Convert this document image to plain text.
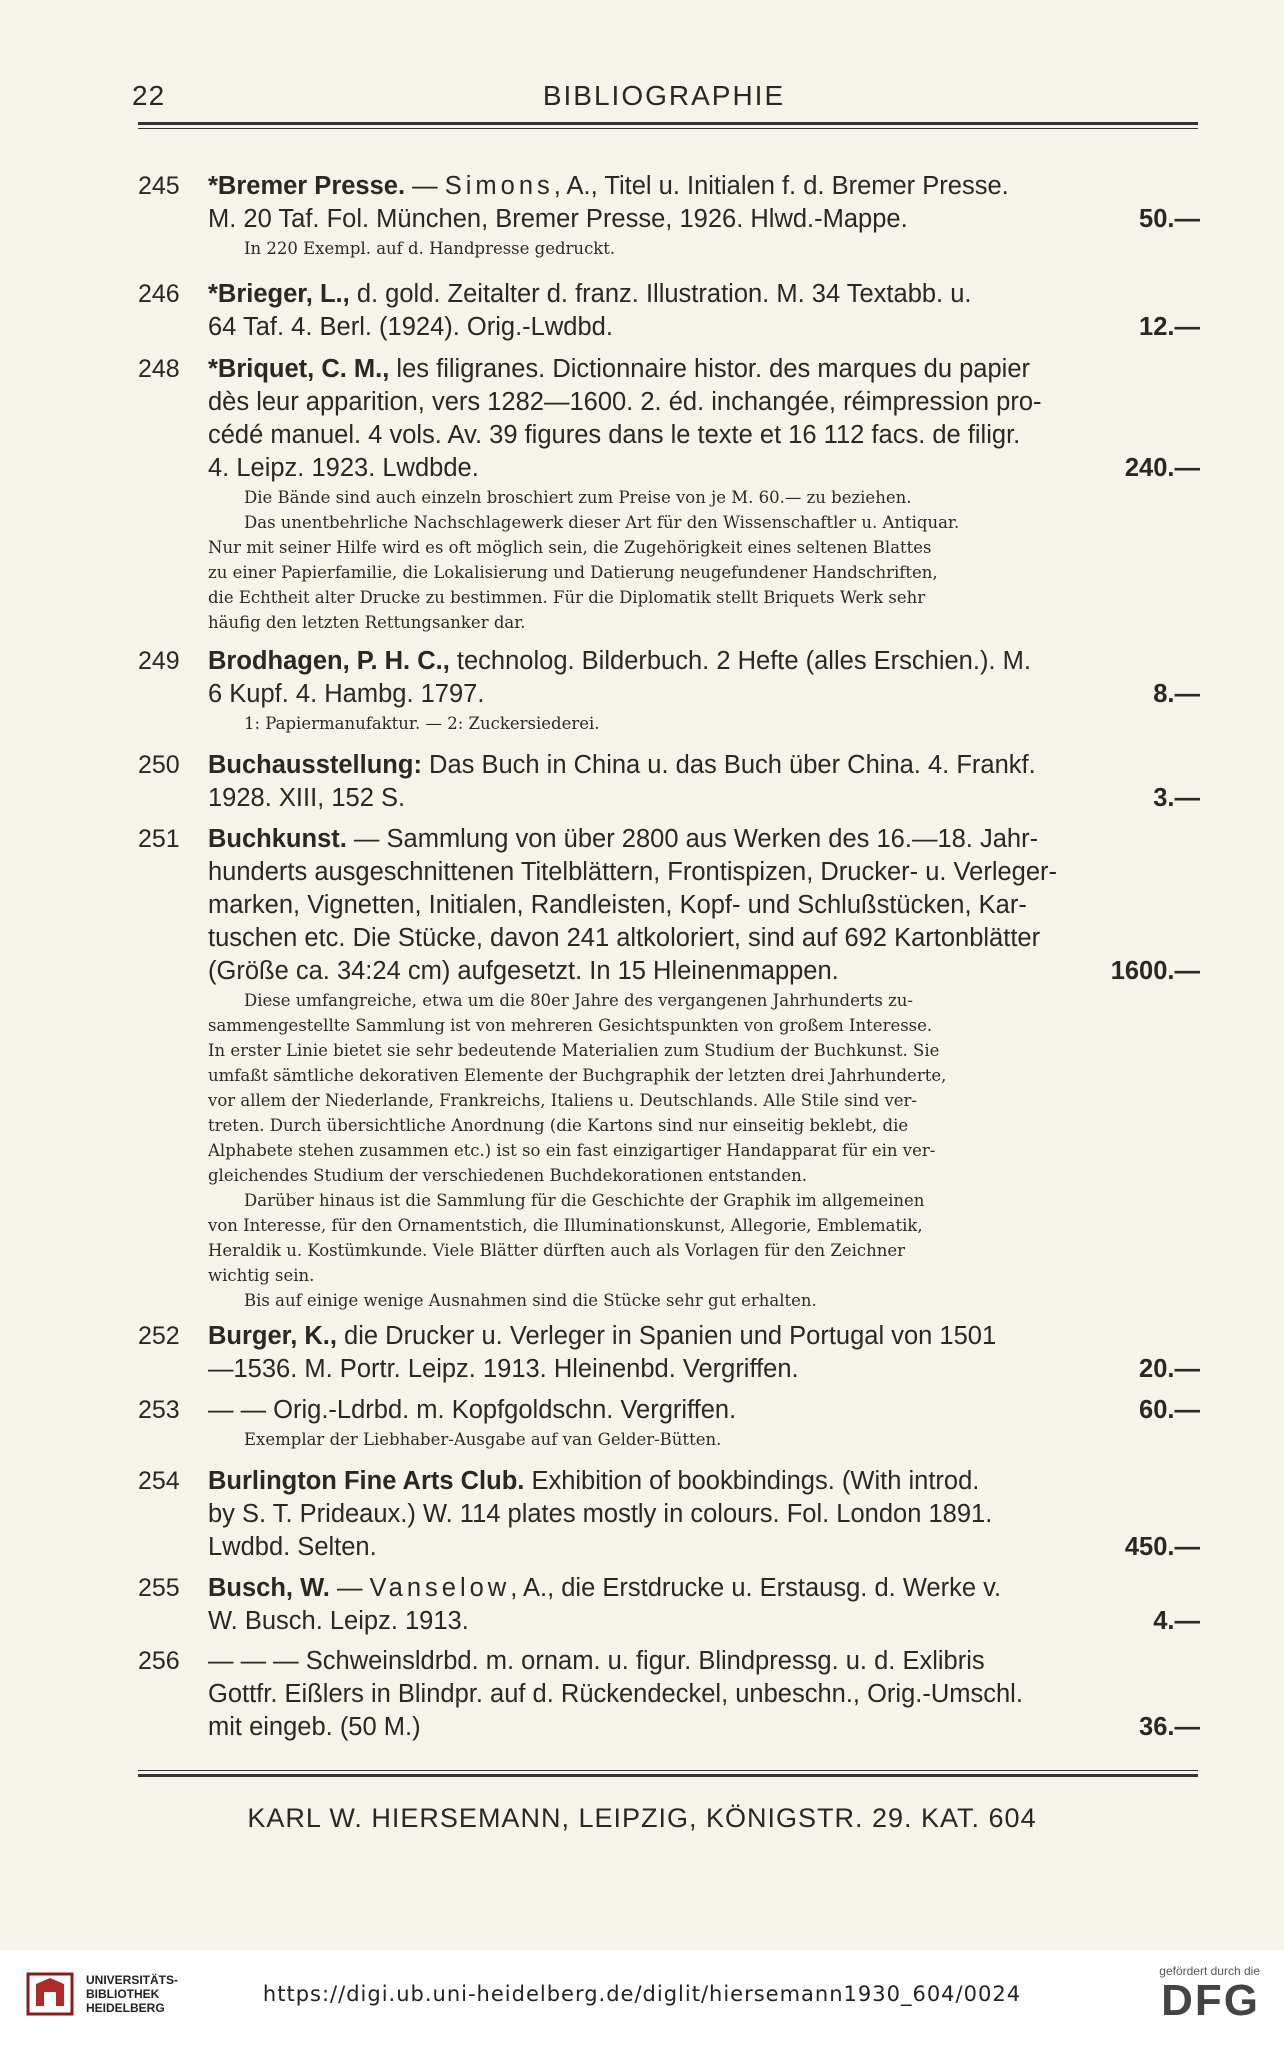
22	BIBLIOGRAPHIE
245	*Bremer Presse. — Simons, A., Titel u. Initialen f. d. Bremer Presse.
M. 20 Taf. Fol. München, Bremer Presse, 1926. Hlwd.-Mappe.	50.—
In 220 Exempl. auf d. Handpresse gedruckt.
246	*Brieger, L., d. gold. Zeitalter d. franz. Illustration. M. 34 Textabb. u.
64 Taf. 4. Berl. (1924). Orig.-Lwdbd.	12.—
248	*Briquet, C. M., les filigranes. Dictionnaire histor. des marques du papier
dès leur apparition, vers 1282—1600. 2. éd. inchangée, réimpression pro-
cédé manuel. 4 vols. Av. 39 figures dans le texte et 16 112 facs. de filigr.
4. Leipz. 1923. Lwdbde.	240.—
Die Bände sind auch einzeln broschiert zum Preise von je M. 60.— zu beziehen.
Das unentbehrliche Nachschlagewerk dieser Art für den Wissenschaftler u. Antiquar.
Nur mit seiner Hilfe wird es oft möglich sein, die Zugehörigkeit eines seltenen Blattes
zu einer Papierfamilie, die Lokalisierung und Datierung neugefundener Handschriften,
die Echtheit alter Drucke zu bestimmen. Für die Diplomatik stellt Briquets Werk sehr
häufig den letzten Rettungsanker dar.
249	Brodhagen, P. H. C., technolog. Bilderbuch. 2 Hefte (alles Erschien.). M.
6 Kupf. 4. Hambg. 1797.	8.—
1: Papiermanufaktur. — 2: Zuckersiederei.
250	Buchausstellung: Das Buch in China u. das Buch über China. 4. Frankf.
1928. XIII, 152 S.	3.—
251	Buchkunst. — Sammlung von über 2800 aus Werken des 16.—18. Jahr-
hunderts ausgeschnittenen Titelblättern, Frontispizen, Drucker- u. Verleger-
marken, Vignetten, Initialen, Randleisten, Kopf- und Schlußstücken, Kar-
tuschen etc. Die Stücke, davon 241 altkoloriert, sind auf 692 Kartonblätter
(Größe ca. 34:24 cm) aufgesetzt. In 15 Hleinenmappen.	1600.—
Diese umfangreiche, etwa um die 80er Jahre des vergangenen Jahrhunderts zu-
sammengestellte Sammlung ist von mehreren Gesichtspunkten von großem Interesse.
In erster Linie bietet sie sehr bedeutende Materialien zum Studium der Buchkunst. Sie
umfaßt sämtliche dekorativen Elemente der Buchgraphik der letzten drei Jahrhunderte,
vor allem der Niederlande, Frankreichs, Italiens u. Deutschlands. Alle Stile sind ver-
treten. Durch übersichtliche Anordnung (die Kartons sind nur einseitig beklebt, die
Alphabete stehen zusammen etc.) ist so ein fast einzigartiger Handapparat für ein ver-
gleichendes Studium der verschiedenen Buchdekorationen entstanden.
Darüber hinaus ist die Sammlung für die Geschichte der Graphik im allgemeinen
von Interesse, für den Ornamentstich, die Illuminationskunst, Allegorie, Emblematik,
Heraldik u. Kostümkunde. Viele Blätter dürften auch als Vorlagen für den Zeichner
wichtig sein.
Bis auf einige wenige Ausnahmen sind die Stücke sehr gut erhalten.
252	Burger, K., die Drucker u. Verleger in Spanien und Portugal von 1501
—1536. M. Portr. Leipz. 1913. Hleinenbd. Vergriffen.	20.—
253	— — Orig.-Ldrbd. m. Kopfgoldschn. Vergriffen.	60.—
Exemplar der Liebhaber-Ausgabe auf van Gelder-Bütten.
254	Burlington Fine Arts Club. Exhibition of bookbindings. (With introd.
by S. T. Prideaux.) W. 114 plates mostly in colours. Fol. London 1891.
Lwdbd. Selten.	450.—
255	Busch, W. — Vanselow, A., die Erstdrucke u. Erstausg. d. Werke v.
W. Busch. Leipz. 1913.	4.—
256	— — — Schweinsldrbd. m. ornam. u. figur. Blindpressg. u. d. Exlibris
Gottfr. Eißlers in Blindpr. auf d. Rückendeckel, unbeschn., Orig.-Umschl.
mit eingeb. (50 M.)	36.—
KARL W. HIERSEMANN, LEIPZIG, KÖNIGSTR. 29. KAT. 604
UNIVERSITÄTS-
BIBLIOTHEK
HEIDELBERG
https://digi.ub.uni-heidelberg.de/diglit/hiersemann1930_604/0024
gefördert durch die
DFG
